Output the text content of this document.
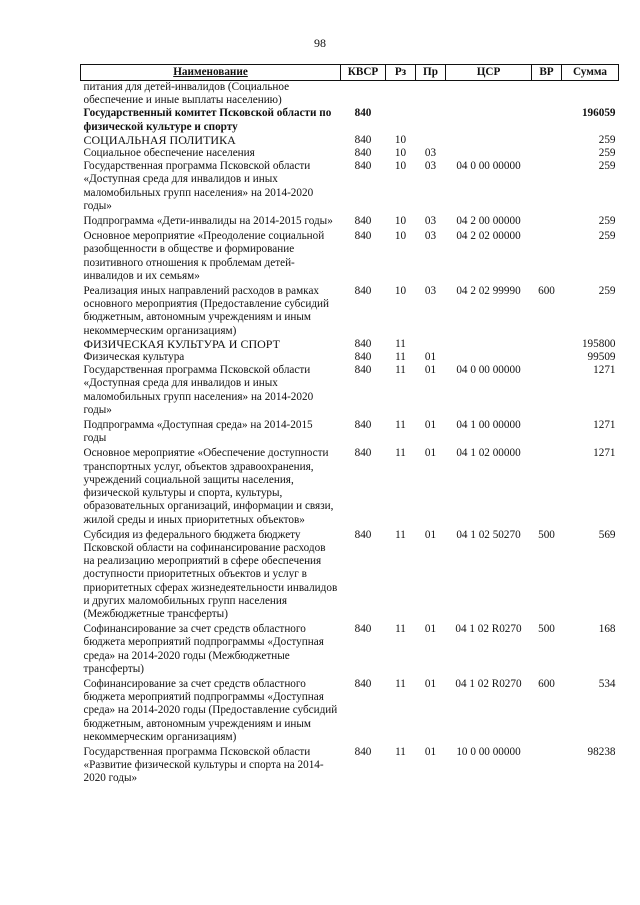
98
Наименование	КВСР	Рз	Пр	ЦСР	ВР	Сумма
питания для детей-инвалидов (Социальное обеспечение и иные выплаты населению)						
Государственный комитет Псковской области по физической культуре и спорту	840					196059
СОЦИАЛЬНАЯ ПОЛИТИКА	840	10				259
Социальное обеспечение населения	840	10	03			259
Государственная программа Псковской области «Доступная среда для инвалидов и иных маломобильных групп населения» на 2014-2020 годы»	840	10	03	04 0 00 00000		259
Подпрограмма «Дети-инвалиды на 2014-2015 годы»	840	10	03	04 2 00 00000		259
Основное мероприятие «Преодоление социальной разобщенности в обществе и формирование позитивного отношения к проблемам детей-инвалидов и их семьям»	840	10	03	04 2 02 00000		259
Реализация иных направлений расходов в рамках основного мероприятия (Предоставление субсидий бюджетным, автономным учреждениям и иным некоммерческим организациям)	840	10	03	04 2 02 99990	600	259
ФИЗИЧЕСКАЯ КУЛЬТУРА И СПОРТ	840	11				195800
Физическая культура	840	11	01			99509
Государственная программа Псковской области «Доступная среда для инвалидов и иных маломобильных групп населения» на 2014-2020 годы»	840	11	01	04 0 00 00000		1271
Подпрограмма «Доступная среда» на 2014-2015 годы	840	11	01	04 1 00 00000		1271
Основное мероприятие «Обеспечение доступности транспортных услуг, объектов здравоохранения, учреждений социальной защиты населения, физической культуры и спорта, культуры, образовательных организаций, информации и связи, жилой среды и иных приоритетных объектов»	840	11	01	04 1 02 00000		1271
Субсидия из федерального бюджета бюджету Псковской области на софинансирование расходов на реализацию мероприятий в сфере обеспечения доступности приоритетных объектов и услуг в приоритетных сферах жизнедеятельности инвалидов и других маломобильных групп населения (Межбюджетные трансферты)	840	11	01	04 1 02 50270	500	569
Софинансирование за счет средств областного бюджета мероприятий подпрограммы «Доступная среда» на 2014-2020 годы (Межбюджетные трансферты)	840	11	01	04 1 02 R0270	500	168
Софинансирование за счет средств областного бюджета мероприятий подпрограммы «Доступная среда» на 2014-2020 годы (Предоставление субсидий бюджетным, автономным учреждениям и иным некоммерческим организациям)	840	11	01	04 1 02 R0270	600	534
Государственная программа Псковской области «Развитие физической культуры и спорта на 2014-2020 годы»	840	11	01	10 0 00 00000		98238
